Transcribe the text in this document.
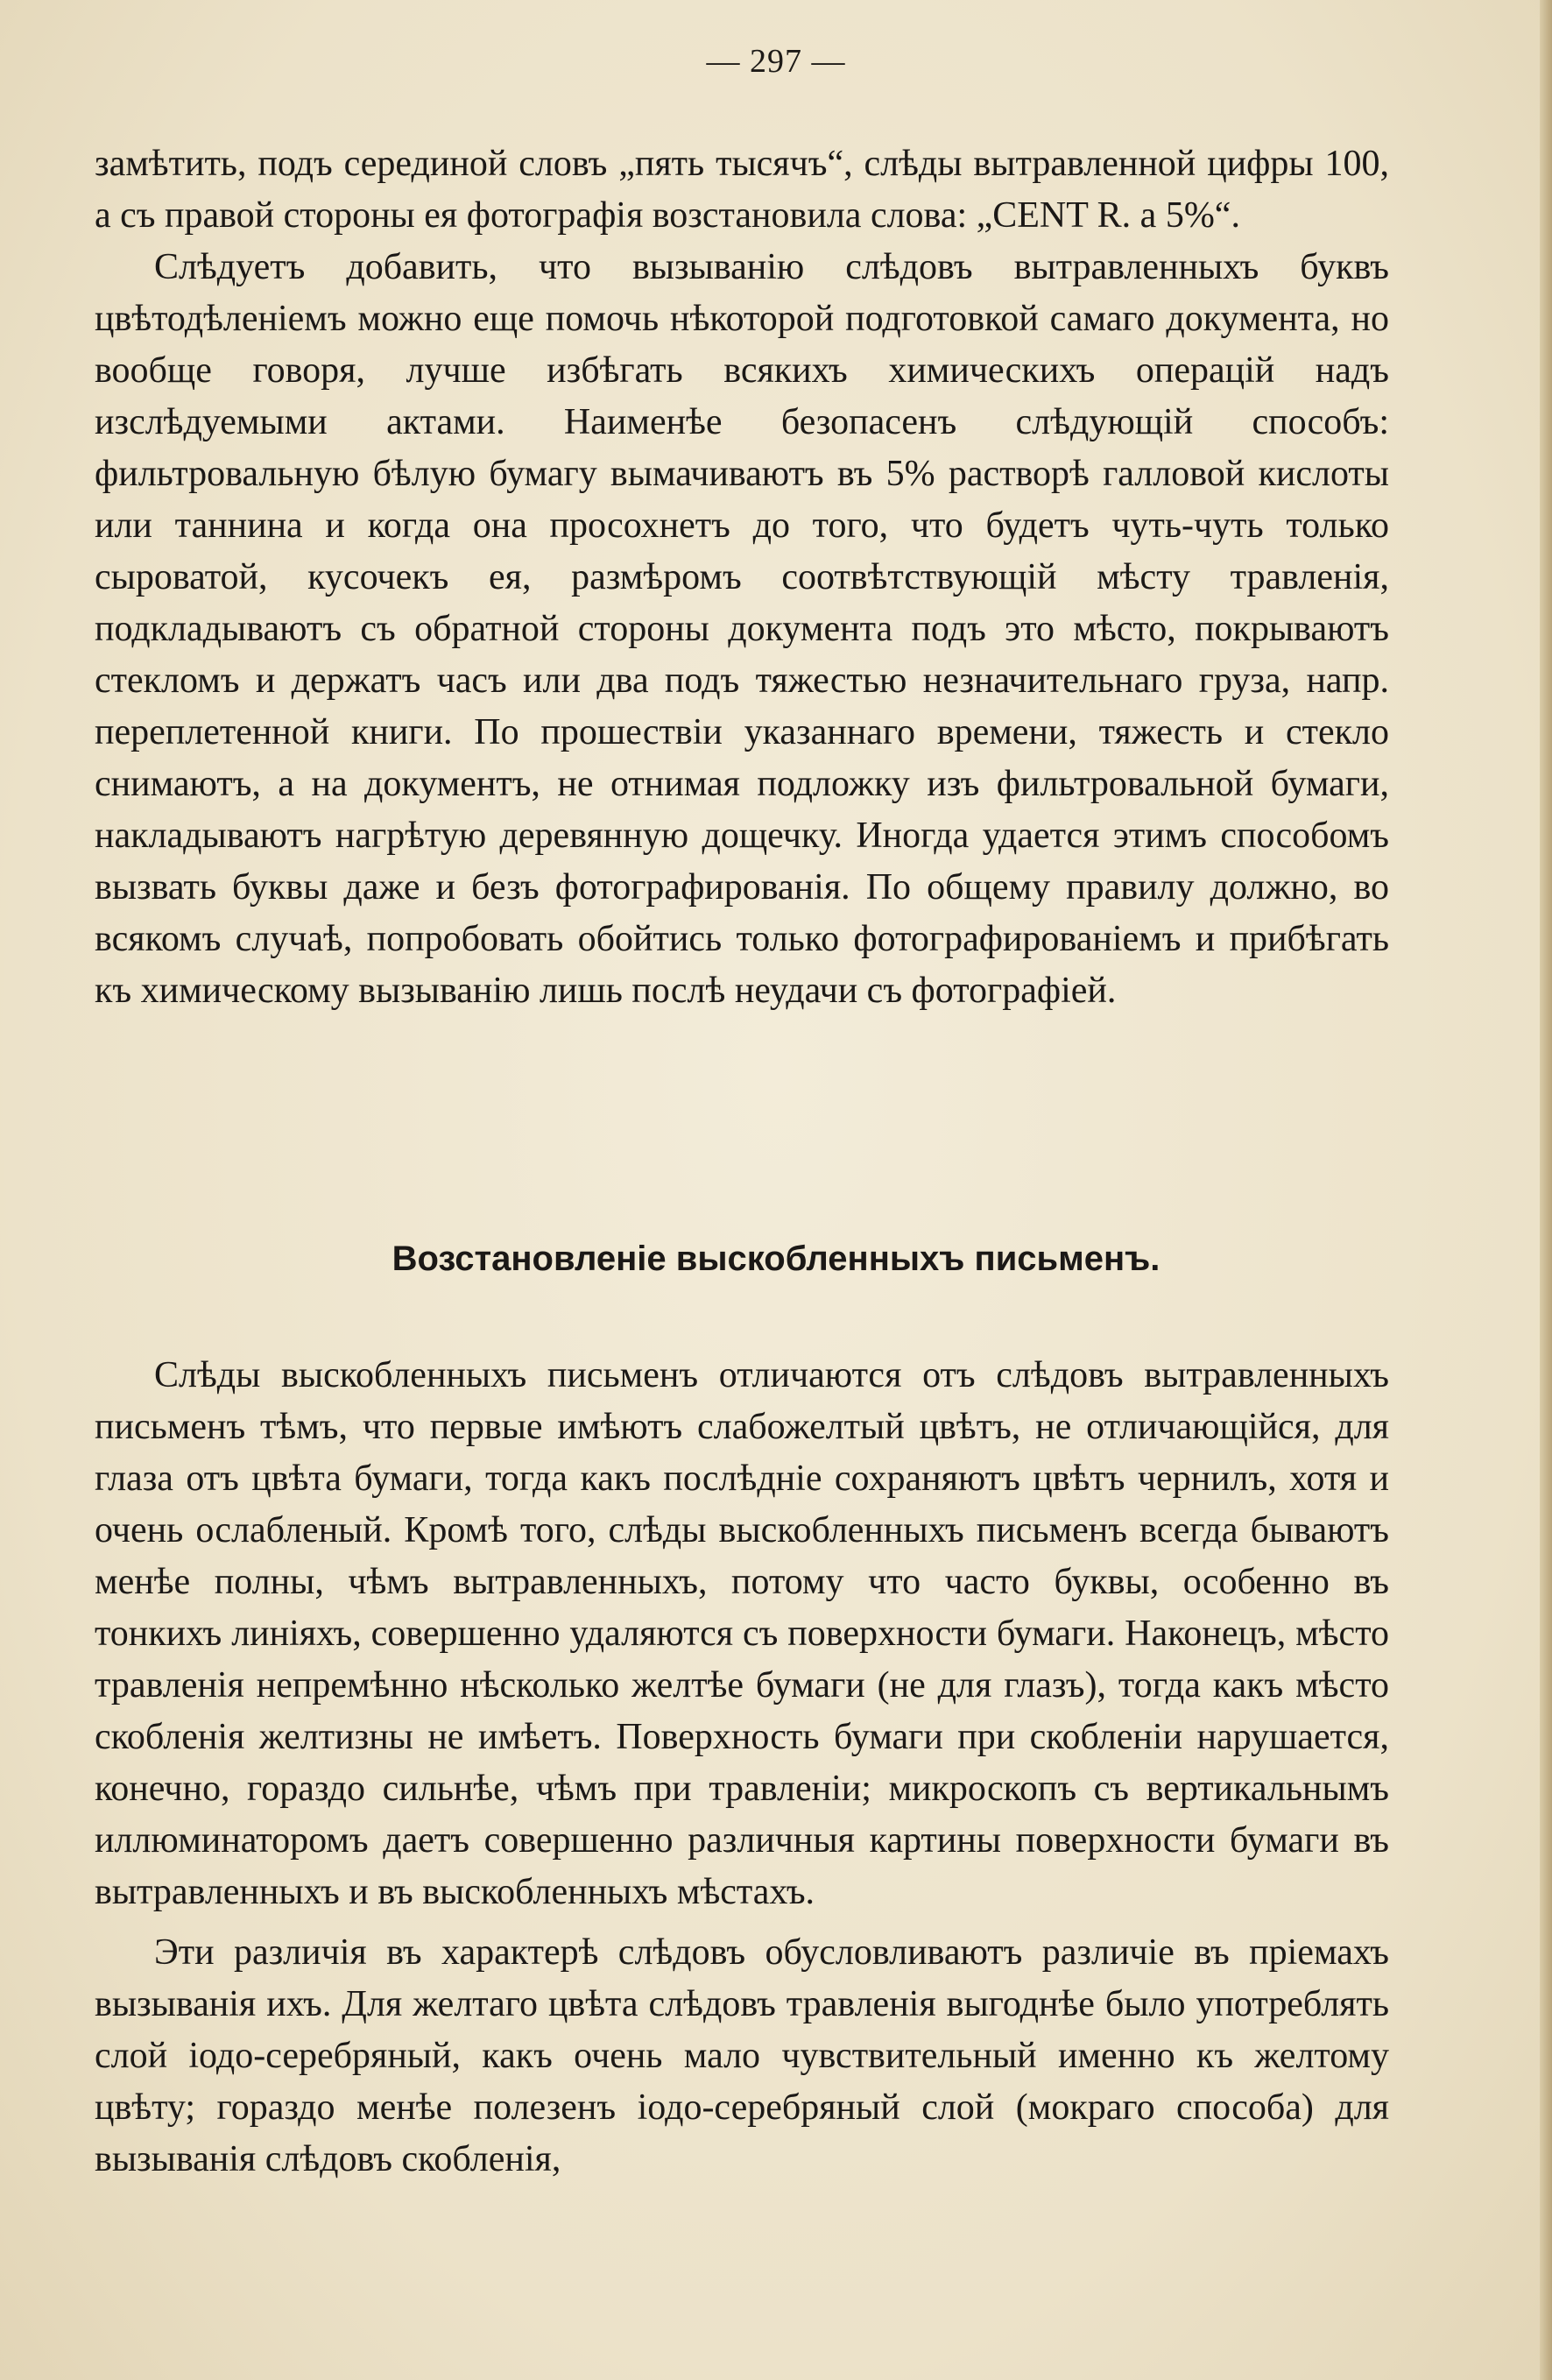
— 297 —

замѣтить, подъ серединой словъ „пять тысячъ“, слѣды вытравленной цифры 100, а съ правой стороны ея фотографія возстановила слова: „CENT R. a 5%“.

Слѣдуетъ добавить, что вызыванію слѣдовъ вытравленныхъ буквъ цвѣтодѣленіемъ можно еще помочь нѣкоторой подготовкой самаго документа, но вообще говоря, лучше избѣгать всякихъ химическихъ операцій надъ изслѣдуемыми актами. Наименѣе безопасенъ слѣдующій способъ: фильтровальную бѣлую бумагу вымачиваютъ въ 5% растворѣ галловой кислоты или таннина и когда она просохнетъ до того, что будетъ чуть-чуть только сыроватой, кусочекъ ея, размѣромъ соотвѣтствующій мѣсту травленія, подкладываютъ съ обратной стороны документа подъ это мѣсто, покрываютъ стекломъ и держатъ часъ или два подъ тяжестью незначительнаго груза, напр. переплетенной книги. По прошествіи указаннаго времени, тяжесть и стекло снимаютъ, а на документъ, не отнимая подложку изъ фильтровальной бумаги, накладываютъ нагрѣтую деревянную дощечку. Иногда удается этимъ способомъ вызвать буквы даже и безъ фотографированія. По общему правилу должно, во всякомъ случаѣ, попробовать обойтись только фотографированіемъ и прибѣгать къ химическому вызыванію лишь послѣ неудачи съ фотографіей.

Возстановленіе выскобленныхъ письменъ.

Слѣды выскобленныхъ письменъ отличаются отъ слѣдовъ вытравленныхъ письменъ тѣмъ, что первые имѣютъ слабожелтый цвѣтъ, не отличающійся, для глаза отъ цвѣта бумаги, тогда какъ послѣдніе сохраняютъ цвѣтъ чернилъ, хотя и очень ослабленый. Кромѣ того, слѣды выскобленныхъ письменъ всегда бываютъ менѣе полны, чѣмъ вытравленныхъ, потому что часто буквы, особенно въ тонкихъ линіяхъ, совершенно удаляются съ поверхности бумаги. Наконецъ, мѣсто травленія непремѣнно нѣсколько желтѣе бумаги (не для глазъ), тогда какъ мѣсто скобленія желтизны не имѣетъ. Поверхность бумаги при скобленіи нарушается, конечно, гораздо сильнѣе, чѣмъ при травленіи; микроскопъ съ вертикальнымъ иллюминаторомъ даетъ совершенно различныя картины поверхности бумаги въ вытравленныхъ и въ выскобленныхъ мѣстахъ.

Эти различія въ характерѣ слѣдовъ обусловливаютъ различіе въ пріемахъ вызыванія ихъ. Для желтаго цвѣта слѣдовъ травленія выгоднѣе было употреблять слой іодо-серебряный, какъ очень мало чувствительный именно къ желтому цвѣту; гораздо менѣе полезенъ іодо-серебряный слой (мокраго способа) для вызыванія слѣдовъ скобленія,
